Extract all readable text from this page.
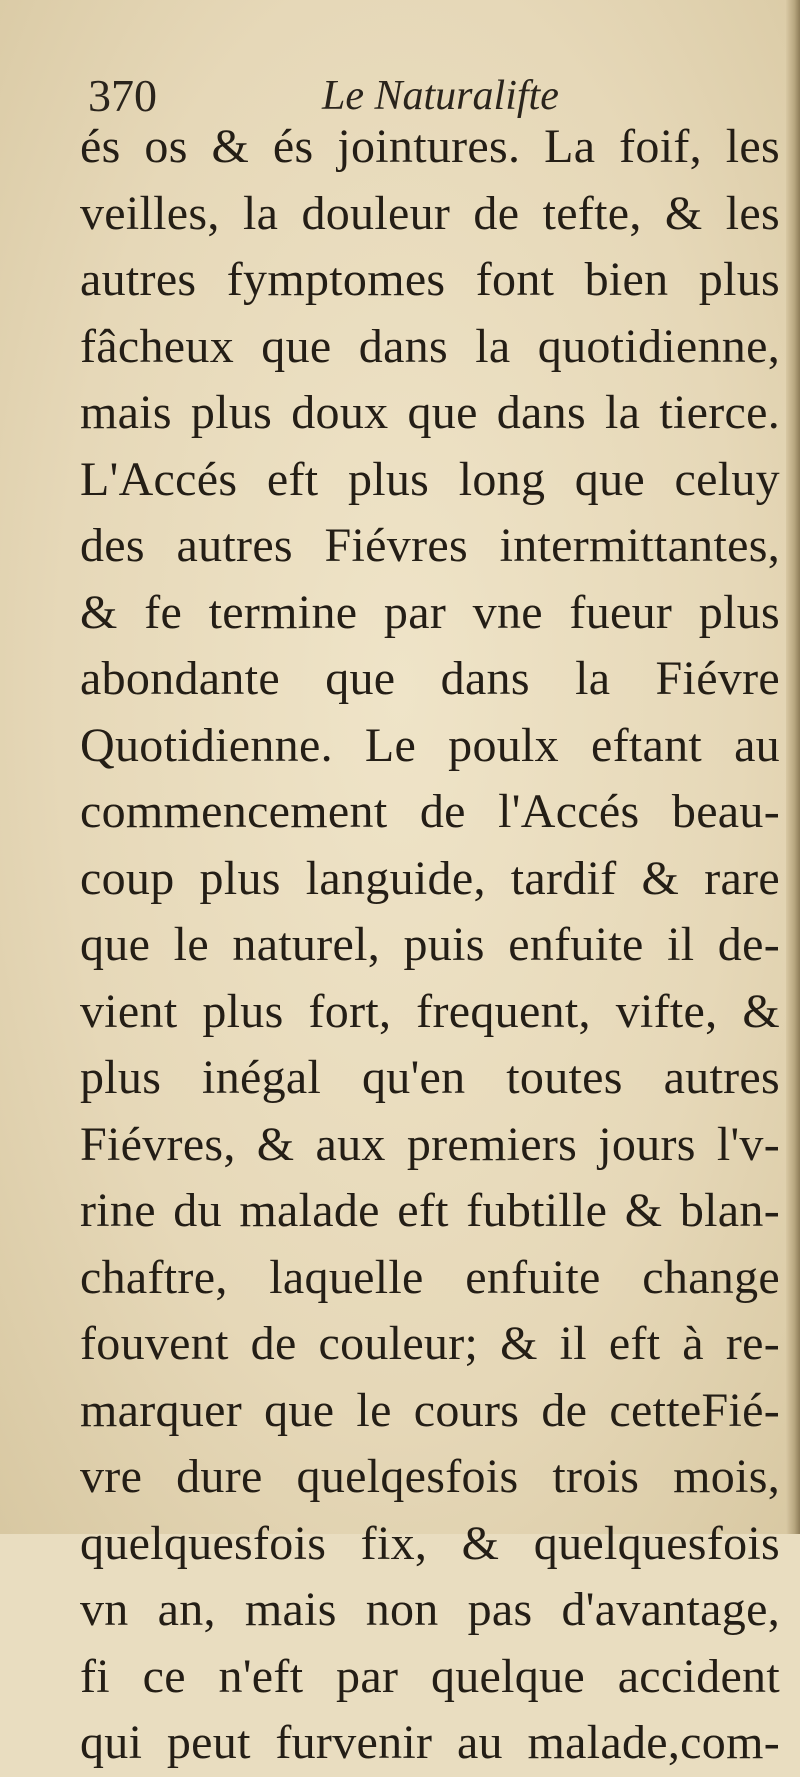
370	Le Naturalifte
és os & és jointures. La foif, les
veilles, la douleur de tefte, & les
autres fymptomes font bien plus
fâcheux que dans la quotidienne,
mais plus doux que dans la tierce.
L'Accés eft plus long que celuy
des autres Fiévres intermittantes,
& fe termine par vne fueur plus
abondante que dans la Fiévre
Quotidienne. Le poulx eftant au
commencement de l'Accés beau-
coup plus languide, tardif & rare
que le naturel, puis enfuite il de-
vient plus fort, frequent, vifte, &
plus inégal qu'en toutes autres
Fiévres, & aux premiers jours l'v-
rine du malade eft fubtille & blan-
chaftre, laquelle enfuite change
fouvent de couleur; & il eft à re-
marquer que le cours de cetteFié-
vre dure quelqesfois trois mois,
quelquesfois fix, & quelquesfois
vn an, mais non pas d'avantage,
fi ce n'eft par quelque accident
qui peut furvenir au malade,com-
